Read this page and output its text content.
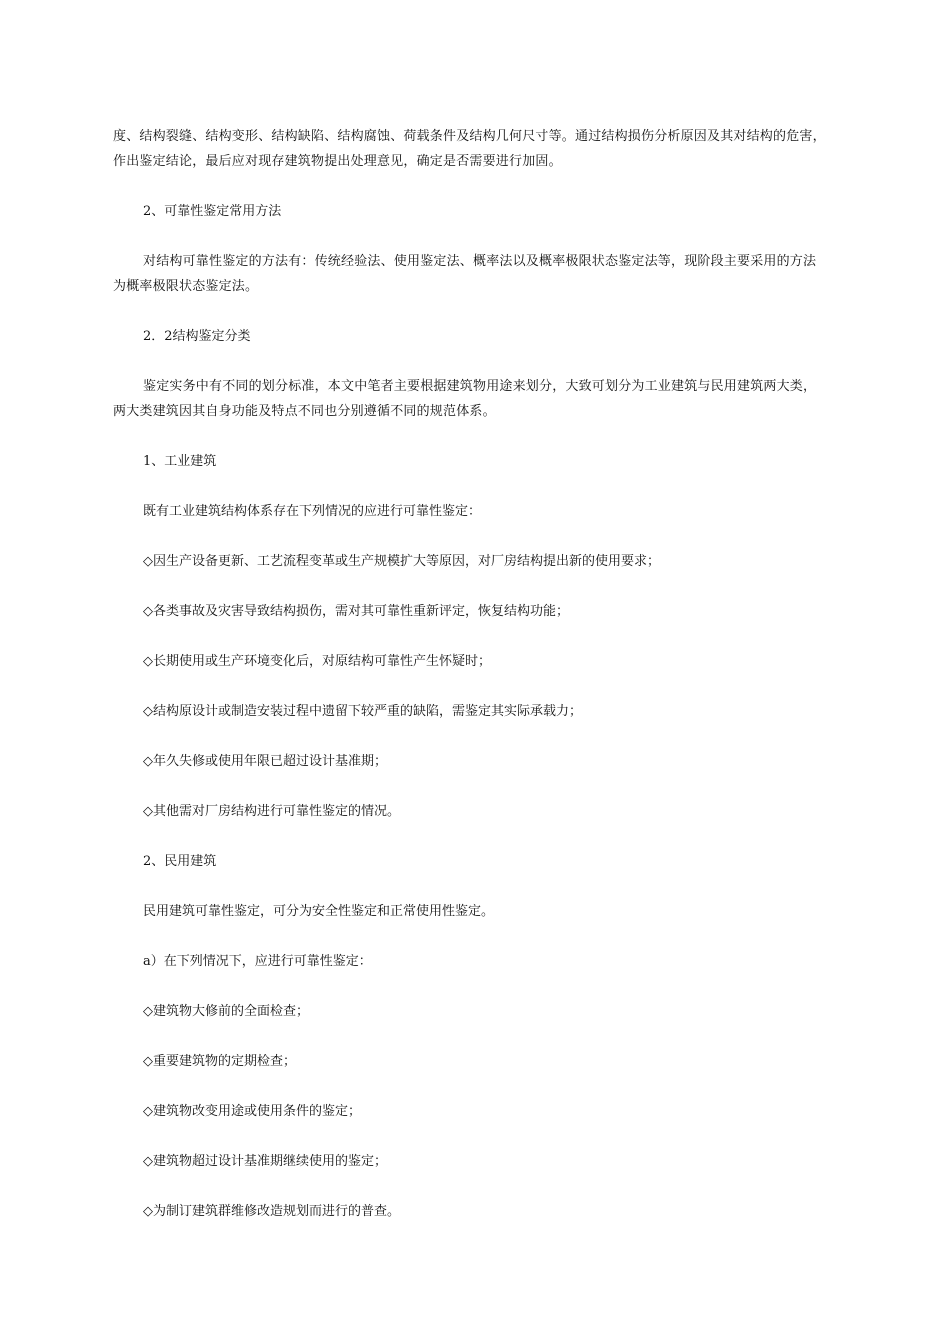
度、结构裂缝、结构变形、结构缺陷、结构腐蚀、荷载条件及结构几何尺寸等。通过结构损伤分析原因及其对结构的危害，
作出鉴定结论，最后应对现存建筑物提出处理意见，确定是否需要进行加固。

2、可靠性鉴定常用方法

对结构可靠性鉴定的方法有：传统经验法、使用鉴定法、概率法以及概率极限状态鉴定法等，现阶段主要采用的方法
为概率极限状态鉴定法。

2．2结构鉴定分类

鉴定实务中有不同的划分标准，本文中笔者主要根据建筑物用途来划分，大致可划分为工业建筑与民用建筑两大类，
两大类建筑因其自身功能及特点不同也分别遵循不同的规范体系。

1、工业建筑
既有工业建筑结构体系存在下列情况的应进行可靠性鉴定：
◇因生产设备更新、工艺流程变革或生产规模扩大等原因，对厂房结构提出新的使用要求；
◇各类事故及灾害导致结构损伤，需对其可靠性重新评定，恢复结构功能；
◇长期使用或生产环境变化后，对原结构可靠性产生怀疑时；
◇结构原设计或制造安装过程中遗留下较严重的缺陷，需鉴定其实际承载力；
◇年久失修或使用年限已超过设计基准期；
◇其他需对厂房结构进行可靠性鉴定的情况。
2、民用建筑
民用建筑可靠性鉴定，可分为安全性鉴定和正常使用性鉴定。
a）在下列情况下，应进行可靠性鉴定：
◇建筑物大修前的全面检查；
◇重要建筑物的定期检查；
◇建筑物改变用途或使用条件的鉴定；
◇建筑物超过设计基准期继续使用的鉴定；
◇为制订建筑群维修改造规划而进行的普查。
